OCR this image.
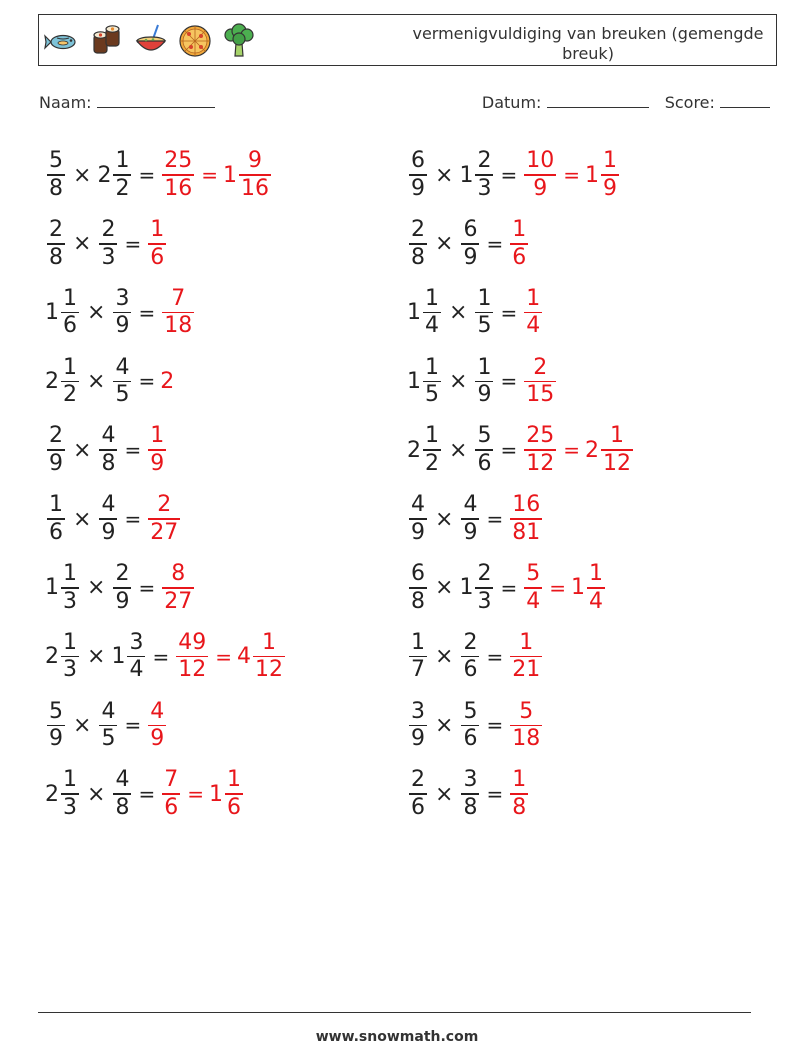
vermenigvuldiging van breuken (gemengde breuk)
Naam:	Datum:	Score:
$\frac{5}{8} \times 2 \frac{1}{2} = \frac{25}{16} = 1 \frac{9}{16}$	$\frac{6}{9} \times 1 \frac{2}{3} = \frac{10}{9} = 1 \frac{1}{9}$
$\frac{2}{8} \times \frac{2}{3} = \frac{1}{6}$	$\frac{2}{8} \times \frac{6}{9} = \frac{1}{6}$
$1 \frac{1}{6} \times \frac{3}{9} = \frac{7}{18}$	$1 \frac{1}{4} \times \frac{1}{5} = \frac{1}{4}$
$2 \frac{1}{2} \times \frac{4}{5} = 2$	$1 \frac{1}{5} \times \frac{1}{9} = \frac{2}{15}$
$\frac{2}{9} \times \frac{4}{8} = \frac{1}{9}$	$2 \frac{1}{2} \times \frac{5}{6} = \frac{25}{12} = 2 \frac{1}{12}$
$\frac{1}{6} \times \frac{4}{9} = \frac{2}{27}$	$\frac{4}{9} \times \frac{4}{9} = \frac{16}{81}$
$1 \frac{1}{3} \times \frac{2}{9} = \frac{8}{27}$	$\frac{6}{8} \times 1 \frac{2}{3} = \frac{5}{4} = 1 \frac{1}{4}$
$2 \frac{1}{3} \times 1 \frac{3}{4} = \frac{49}{12} = 4 \frac{1}{12}$	$\frac{1}{7} \times \frac{2}{6} = \frac{1}{21}$
$\frac{5}{9} \times \frac{4}{5} = \frac{4}{9}$	$\frac{3}{9} \times \frac{5}{6} = \frac{5}{18}$
$2 \frac{1}{3} \times \frac{4}{8} = \frac{7}{6} = 1 \frac{1}{6}$	$\frac{2}{6} \times \frac{3}{8} = \frac{1}{8}$
www.snowmath.com
